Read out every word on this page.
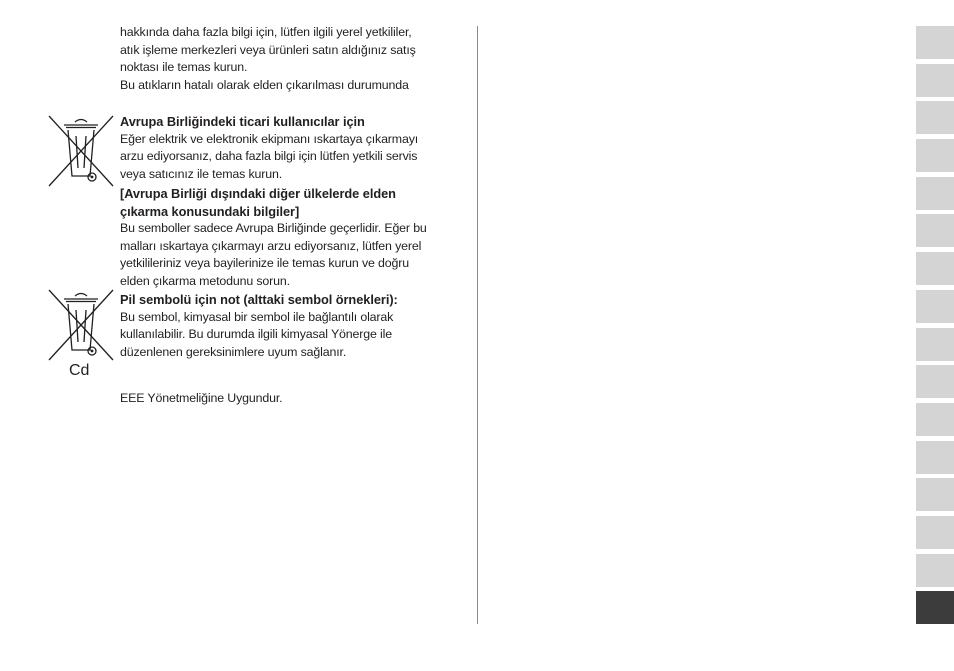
hakkında daha fazla bilgi için, lütfen ilgili yerel yetkililer,

atık işleme merkezleri veya ürünleri satın aldığınız satış

noktası ile temas kurun.

Bu atıkların hatalı olarak elden çıkarılması durumunda

Avrupa Birliğindeki ticari kullanıcılar için

Eğer elektrik ve elektronik ekipmanı ıskartaya çıkarmayı

arzu ediyorsanız, daha fazla bilgi için lütfen yetkili servis

veya satıcınız ile temas kurun.

[Avrupa Birliği dışındaki diğer ülkelerde elden

çıkarma konusundaki bilgiler]

Bu semboller sadece Avrupa Birliğinde geçerlidir. Eğer bu

malları ıskartaya çıkarmayı arzu ediyorsanız, lütfen yerel

yetkilileriniz veya bayilerinize ile temas kurun ve doğru

elden çıkarma metodunu sorun.

Cd

Pil sembolü için not (alttaki sembol örnekleri):

Bu sembol, kimyasal bir sembol ile bağlantılı olarak

kullanılabilir. Bu durumda ilgili kimyasal Yönerge ile

düzenlenen gereksinimlere uyum sağlanır.

EEE Yönetmeliğine Uygundur.
